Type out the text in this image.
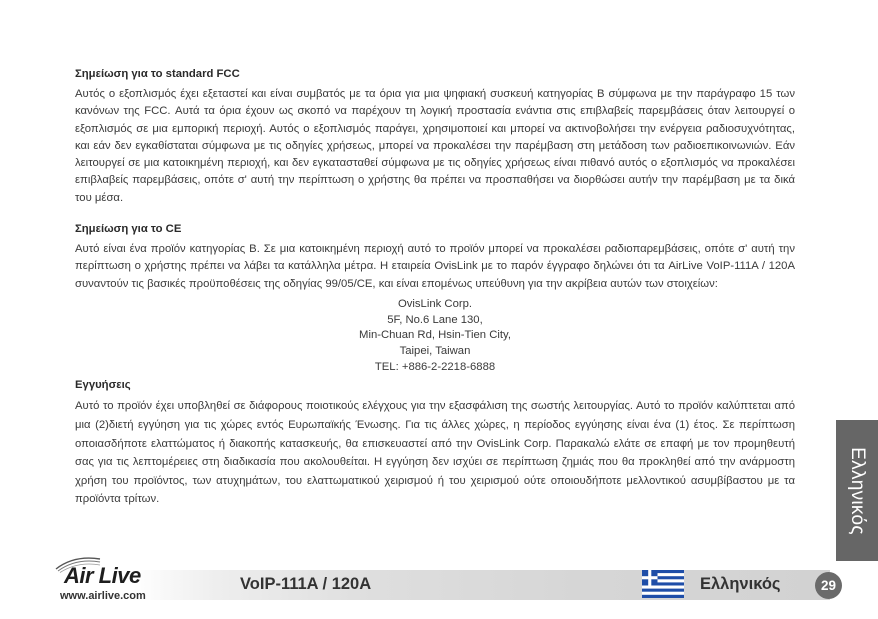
Σημείωση για το standard FCC

Αυτός ο εξοπλισμός έχει εξεταστεί και είναι συμβατός με τα όρια για μια ψηφιακή συσκευή κατηγορίας B σύμφωνα με την παράγραφο 15 των κανόνων της FCC. Αυτά τα όρια έχουν ως σκοπό να παρέχουν τη λογική προστασία ενάντια στις επιβλαβείς παρεμβάσεις όταν λειτουργεί ο εξοπλισμός σε μια εμπορική περιοχή. Αυτός ο εξοπλισμός παράγει, χρησιμοποιεί και μπορεί να ακτινοβολήσει την ενέργεια ραδιοσυχνότητας, και εάν δεν εγκαθίσταται σύμφωνα με τις οδηγίες χρήσεως, μπορεί να προκαλέσει την παρέμβαση στη μετάδοση των ραδιοεπικοινωνιών. Εάν λειτουργεί σε μια κατοικημένη περιοχή, και δεν εγκατασταθεί σύμφωνα με τις οδηγίες χρήσεως είναι πιθανό αυτός ο εξοπλισμός να προκαλέσει επιβλαβείς παρεμβάσεις, οπότε σ' αυτή την περίπτωση ο χρήστης θα πρέπει να προσπαθήσει να διορθώσει αυτήν την παρέμβαση με τα δικά του μέσα.

Σημείωση για το CE

Αυτό είναι ένα προϊόν κατηγορίας B. Σε μια κατοικημένη περιοχή αυτό το προϊόν μπορεί να προκαλέσει ραδιοπαρεμβάσεις, οπότε σ' αυτή την περίπτωση ο χρήστης πρέπει να λάβει τα κατάλληλα μέτρα. Η εταιρεία OvisLink με το παρόν έγγραφο δηλώνει ότι τα AirLive VoIP-111A / 120A συναντούν τις βασικές προϋποθέσεις της οδηγίας 99/05/CE, και είναι επομένως υπεύθυνη για την ακρίβεια αυτών των στοιχείων:

OvisLink Corp.

5F, No.6 Lane 130,

Min-Chuan Rd, Hsin-Tien City,

Taipei, Taiwan

TEL: +886-2-2218-6888

Εγγυήσεις

Αυτό το προϊόν έχει υποβληθεί σε διάφορους ποιοτικούς ελέγχους για την εξασφάλιση της σωστής λειτουργίας. Αυτό το προϊόν καλύπτεται από μια (2)διετή εγγύηση για τις χώρες εντός Ευρωπαϊκής Ένωσης. Για τις άλλες χώρες, η περίοδος εγγύησης είναι ένα (1) έτος. Σε περίπτωση οποιασδήποτε ελαττώματος ή διακοπής κατασκευής, θα επισκευαστεί από την OvisLink Corp. Παρακαλώ ελάτε σε επαφή με τον προμηθευτή σας για τις λεπτομέρειες στη διαδικασία που ακολουθείται. Η εγγύηση δεν ισχύει σε περίπτωση ζημιάς που θα προκληθεί από την ανάρμοστη χρήση του προϊόντος, των ατυχημάτων, του ελαττωματικού χειρισμού ή του χειρισμού ούτε οποιουδήποτε μελλοντικού ασυμβίβαστου με τα προϊόντα τρίτων.	Ελληνικός
Air Live
www.airlive.com
VoIP-111A / 120A	Ελληνικός	29
